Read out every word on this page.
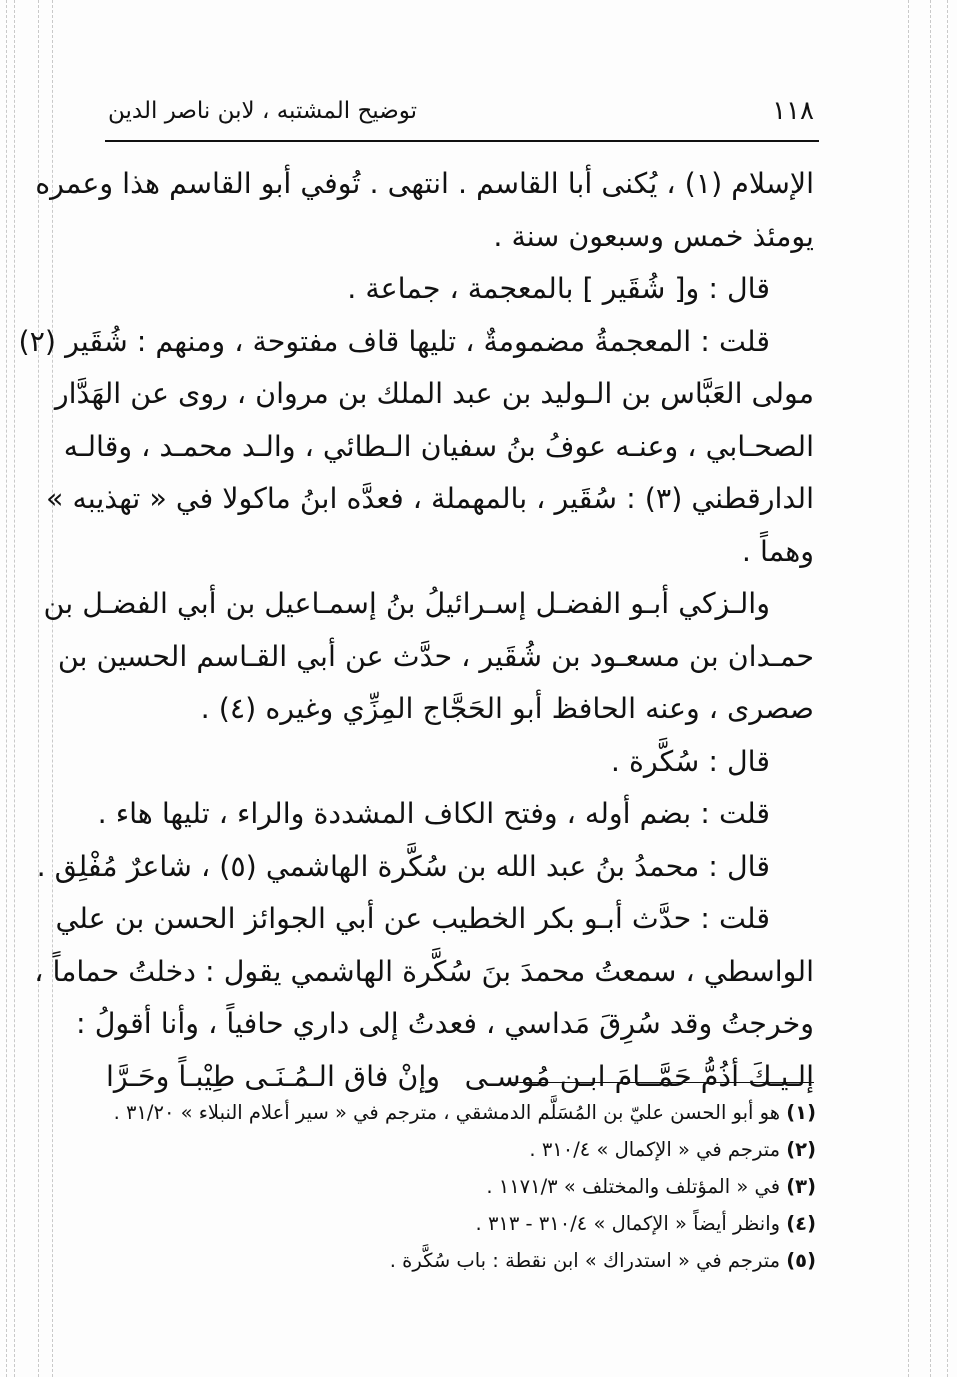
١١٨
توضيح المشتبه ، لابن ناصر الدين
الإسلام (١) ، يُكنى أبا القاسم . انتهى . تُوفي أبو القاسم هذا وعمره
يومئذ خمس وسبعون سنة .
قال : و[ شُقَير ] بالمعجمة ، جماعة .
قلت : المعجمةُ مضمومةٌ ، تليها قاف مفتوحة ، ومنهم : شُقَير (٢)
مولى العَبَّاس بن الـوليد بن عبد الملك بن مروان ، روى عن الهَدَّار
الصحـابي ، وعنـه عوفُ بنُ سفيان الـطائي ، والـد محمـد ، وقالـه
الدارقطني (٣) : سُقَير ، بالمهملة ، فعدَّه ابنُ ماكولا في « تهذيبه »
وهماً .
والـزكي أبـو الفضـل إسـرائيلُ بنُ إسمـاعيل بن أبي الفضـل بن
حمـدان بن مسعـود بن شُقَير ، حدَّث عن أبي القـاسم الحسين بن
صصرى ، وعنه الحافظ أبو الحَجَّاج المِزِّي وغيره (٤) .
قال : سُكَّرة .
قلت : بضم أوله ، وفتح الكاف المشددة والراء ، تليها هاء .
قال : محمدُ بنُ عبد الله بن سُكَّرة الهاشمي (٥) ، شاعرٌ مُفْلِق .
قلت : حدَّث أبـو بكر الخطيب عن أبي الجوائز الحسن بن علي
الواسطي ، سمعتُ محمدَ بنَ سُكَّرة الهاشمي يقول : دخلتُ حماماً ،
وخرجتُ وقد سُرِقَ مَداسي ، فعدتُ إلى داري حافياً ، وأنا أقولُ :
إلـيـكَ أذُمُّ حَمَّــامَ ابـن مُوسـى
وإنْ فاق الـمُـنَـى طِيْبـاً وحَـرَّا
(١) هو أبو الحسن عليّ بن المُسَلَّم الدمشقي ، مترجم في « سير أعلام النبلاء » ٣١/٢٠ .
(٢) مترجم في « الإكمال » ٣١٠/٤ .
(٣) في « المؤتلف والمختلف » ١١٧١/٣ .
(٤) وانظر أيضاً « الإكمال » ٣١٠/٤ - ٣١٣ .
(٥) مترجم في « استدراك » ابن نقطة : باب سُكَّرة .
